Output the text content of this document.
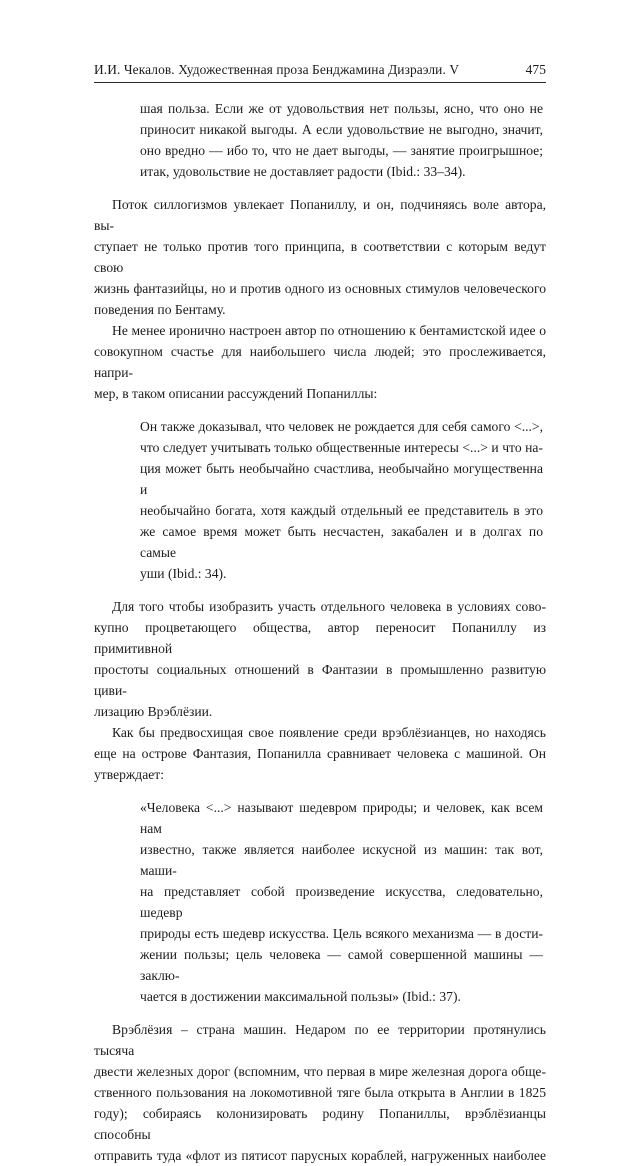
И.И. Чекалов. Художественная проза Бенджамина Дизраэли. V	475

шая польза. Если же от удовольствия нет пользы, ясно, что оно не

приносит никакой выгоды. А если удовольствие не выгодно, значит,

оно вредно — ибо то, что не дает выгоды, — занятие проигрышное;

итак, удовольствие не доставляет радости (Ibid.: 33–34).

Поток силлогизмов увлекает Попаниллу, и он, подчиняясь воле автора, вы-

ступает не только против того принципа, в соответствии с которым ведут свою

жизнь фантазийцы, но и против одного из основных стимулов человеческого

поведения по Бентаму.

Не менее иронично настроен автор по отношению к бентамистской идее о

совокупном счастье для наибольшего числа людей; это прослеживается, напри-

мер, в таком описании рассуждений Попаниллы:

Он также доказывал, что человек не рождается для себя самого <...>,

что следует учитывать только общественные интересы <...> и что на-

ция может быть необычайно счастлива, необычайно могущественна и

необычайно богата, хотя каждый отдельный ее представитель в это

же самое время может быть несчастен, закабален и в долгах по самые

уши (Ibid.: 34).

Для того чтобы изобразить участь отдельного человека в условиях сово-

купно процветающего общества, автор переносит Попаниллу из примитивной

простоты социальных отношений в Фантазии в промышленно развитую циви-

лизацию Врэблёзии.

Как бы предвосхищая свое появление среди врэблёзианцев, но находясь

еще на острове Фантазия, Попанилла сравнивает человека с машиной. Он

утверждает:

«Человека <...> называют шедевром природы; и человек, как всем нам

известно, также является наиболее искусной из машин: так вот, маши-

на представляет собой произведение искусства, следовательно, шедевр

природы есть шедевр искусства. Цель всякого механизма — в дости-

жении пользы; цель человека — самой совершенной машины — заклю-

чается в достижении максимальной пользы» (Ibid.: 37).

Врэблёзия – страна машин. Недаром по ее территории протянулись тысяча

двести железных дорог (вспомним, что первая в мире железная дорога обще-

ственного пользования на локомотивной тяге была открыта в Англии в 1825

году); собираясь колонизировать родину Попаниллы, врэблёзианцы способны

отправить туда «флот из пятисот парусных кораблей, нагруженных наиболее
